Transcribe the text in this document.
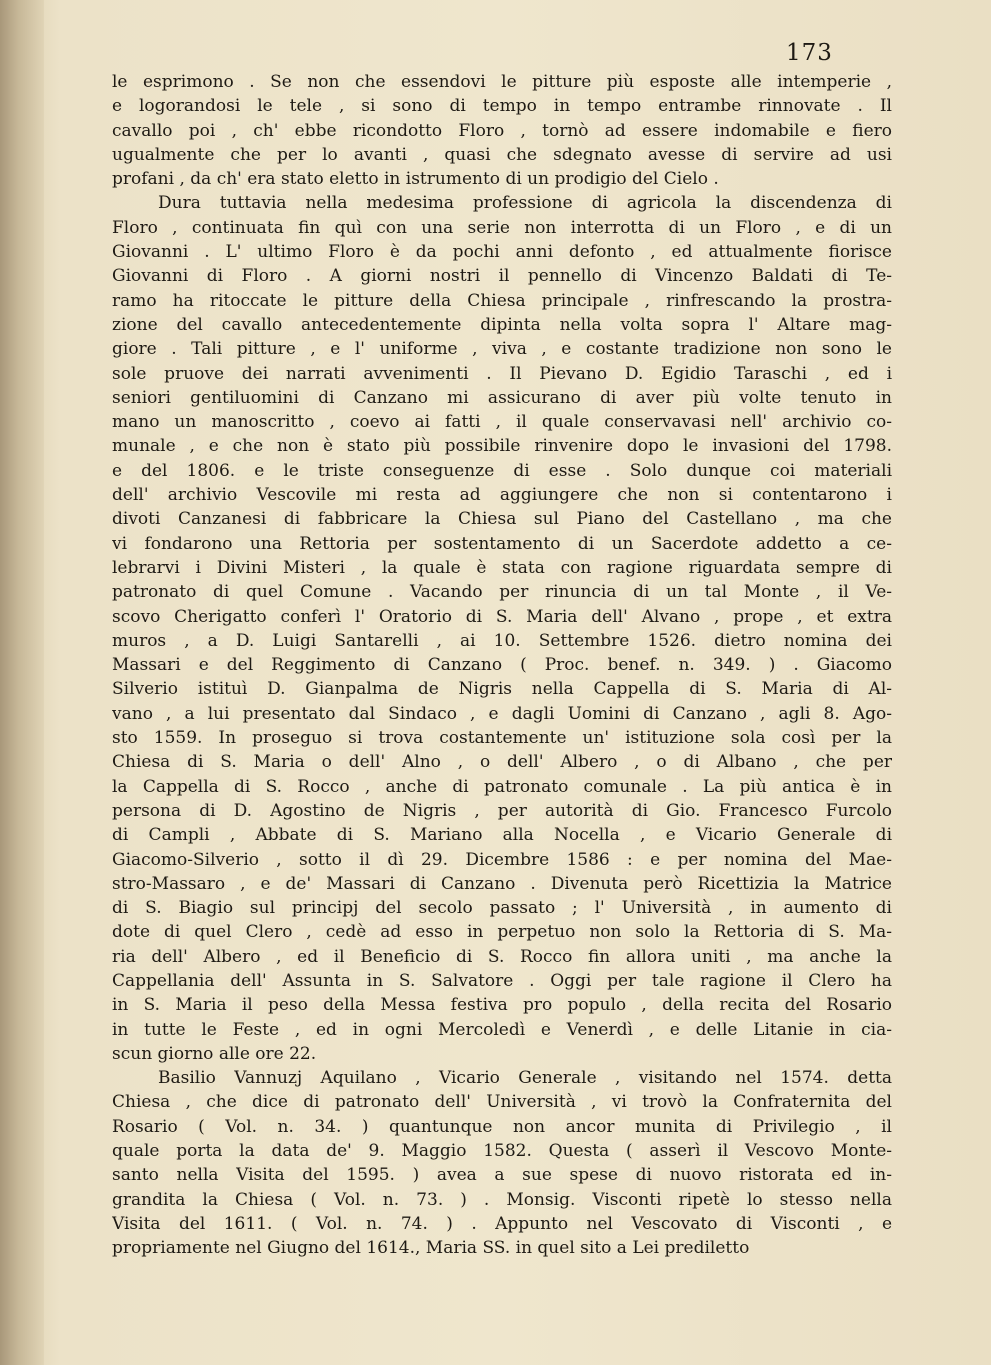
173
le esprimono . Se non che essendovi le pitture più esposte alle intemperie ,
e logorandosi le tele , si sono di tempo in tempo entrambe rinnovate . Il
cavallo poi , ch' ebbe ricondotto Floro , tornò ad essere indomabile e fiero
ugualmente che per lo avanti , quasi che sdegnato avesse di servire ad usi
profani , da ch' era stato eletto in istrumento di un prodigio del Cielo .
Dura tuttavia nella medesima professione di agricola la discendenza di
Floro , continuata fin quì con una serie non interrotta di un Floro , e di un
Giovanni . L' ultimo Floro è da pochi anni defonto , ed attualmente fiorisce
Giovanni di Floro . A giorni nostri il pennello di Vincenzo Baldati di Te-
ramo ha ritoccate le pitture della Chiesa principale , rinfrescando la prostra-
zione del cavallo antecedentemente dipinta nella volta sopra l' Altare mag-
giore . Tali pitture , e l' uniforme , viva , e costante tradizione non sono le
sole pruove dei narrati avvenimenti . Il Pievano D. Egidio Taraschi , ed i
seniori gentiluomini di Canzano mi assicurano di aver più volte tenuto in
mano un manoscritto , coevo ai fatti , il quale conservavasi nell' archivio co-
munale , e che non è stato più possibile rinvenire dopo le invasioni del 1798.
e del 1806. e le triste conseguenze di esse . Solo dunque coi materiali
dell' archivio Vescovile mi resta ad aggiungere che non si contentarono i
divoti Canzanesi di fabbricare la Chiesa sul Piano del Castellano , ma che
vi fondarono una Rettoria per sostentamento di un Sacerdote addetto a ce-
lebrarvi i Divini Misteri , la quale è stata con ragione riguardata sempre di
patronato di quel Comune . Vacando per rinuncia di un tal Monte , il Ve-
scovo Cherigatto conferì l' Oratorio di S. Maria dell' Alvano , prope , et extra
muros , a D. Luigi Santarelli , ai 10. Settembre 1526. dietro nomina dei
Massari e del Reggimento di Canzano ( Proc. benef. n. 349. ) . Giacomo
Silverio istituì D. Gianpalma de Nigris nella Cappella di S. Maria di Al-
vano , a lui presentato dal Sindaco , e dagli Uomini di Canzano , agli 8. Ago-
sto 1559. In proseguo si trova costantemente un' istituzione sola così per la
Chiesa di S. Maria o dell' Alno , o dell' Albero , o di Albano , che per
la Cappella di S. Rocco , anche di patronato comunale . La più antica è in
persona di D. Agostino de Nigris , per autorità di Gio. Francesco Furcolo
di Campli , Abbate di S. Mariano alla Nocella , e Vicario Generale di
Giacomo-Silverio , sotto il dì 29. Dicembre 1586 : e per nomina del Mae-
stro-Massaro , e de' Massari di Canzano . Divenuta però Ricettizia la Matrice
di S. Biagio sul principj del secolo passato ; l' Università , in aumento di
dote di quel Clero , cedè ad esso in perpetuo non solo la Rettoria di S. Ma-
ria dell' Albero , ed il Beneficio di S. Rocco fin allora uniti , ma anche la
Cappellania dell' Assunta in S. Salvatore . Oggi per tale ragione il Clero ha
in S. Maria il peso della Messa festiva pro populo , della recita del Rosario
in tutte le Feste , ed in ogni Mercoledì e Venerdì , e delle Litanie in cia-
scun giorno alle ore 22.
Basilio Vannuzj Aquilano , Vicario Generale , visitando nel 1574. detta
Chiesa , che dice di patronato dell' Università , vi trovò la Confraternita del
Rosario ( Vol. n. 34. ) quantunque non ancor munita di Privilegio , il
quale porta la data de' 9. Maggio 1582. Questa ( asserì il Vescovo Monte-
santo nella Visita del 1595. ) avea a sue spese di nuovo ristorata ed in-
grandita la Chiesa ( Vol. n. 73. ) . Monsig. Visconti ripetè lo stesso nella
Visita del 1611. ( Vol. n. 74. ) . Appunto nel Vescovato di Visconti , e
propriamente nel Giugno del 1614., Maria SS. in quel sito a Lei prediletto
